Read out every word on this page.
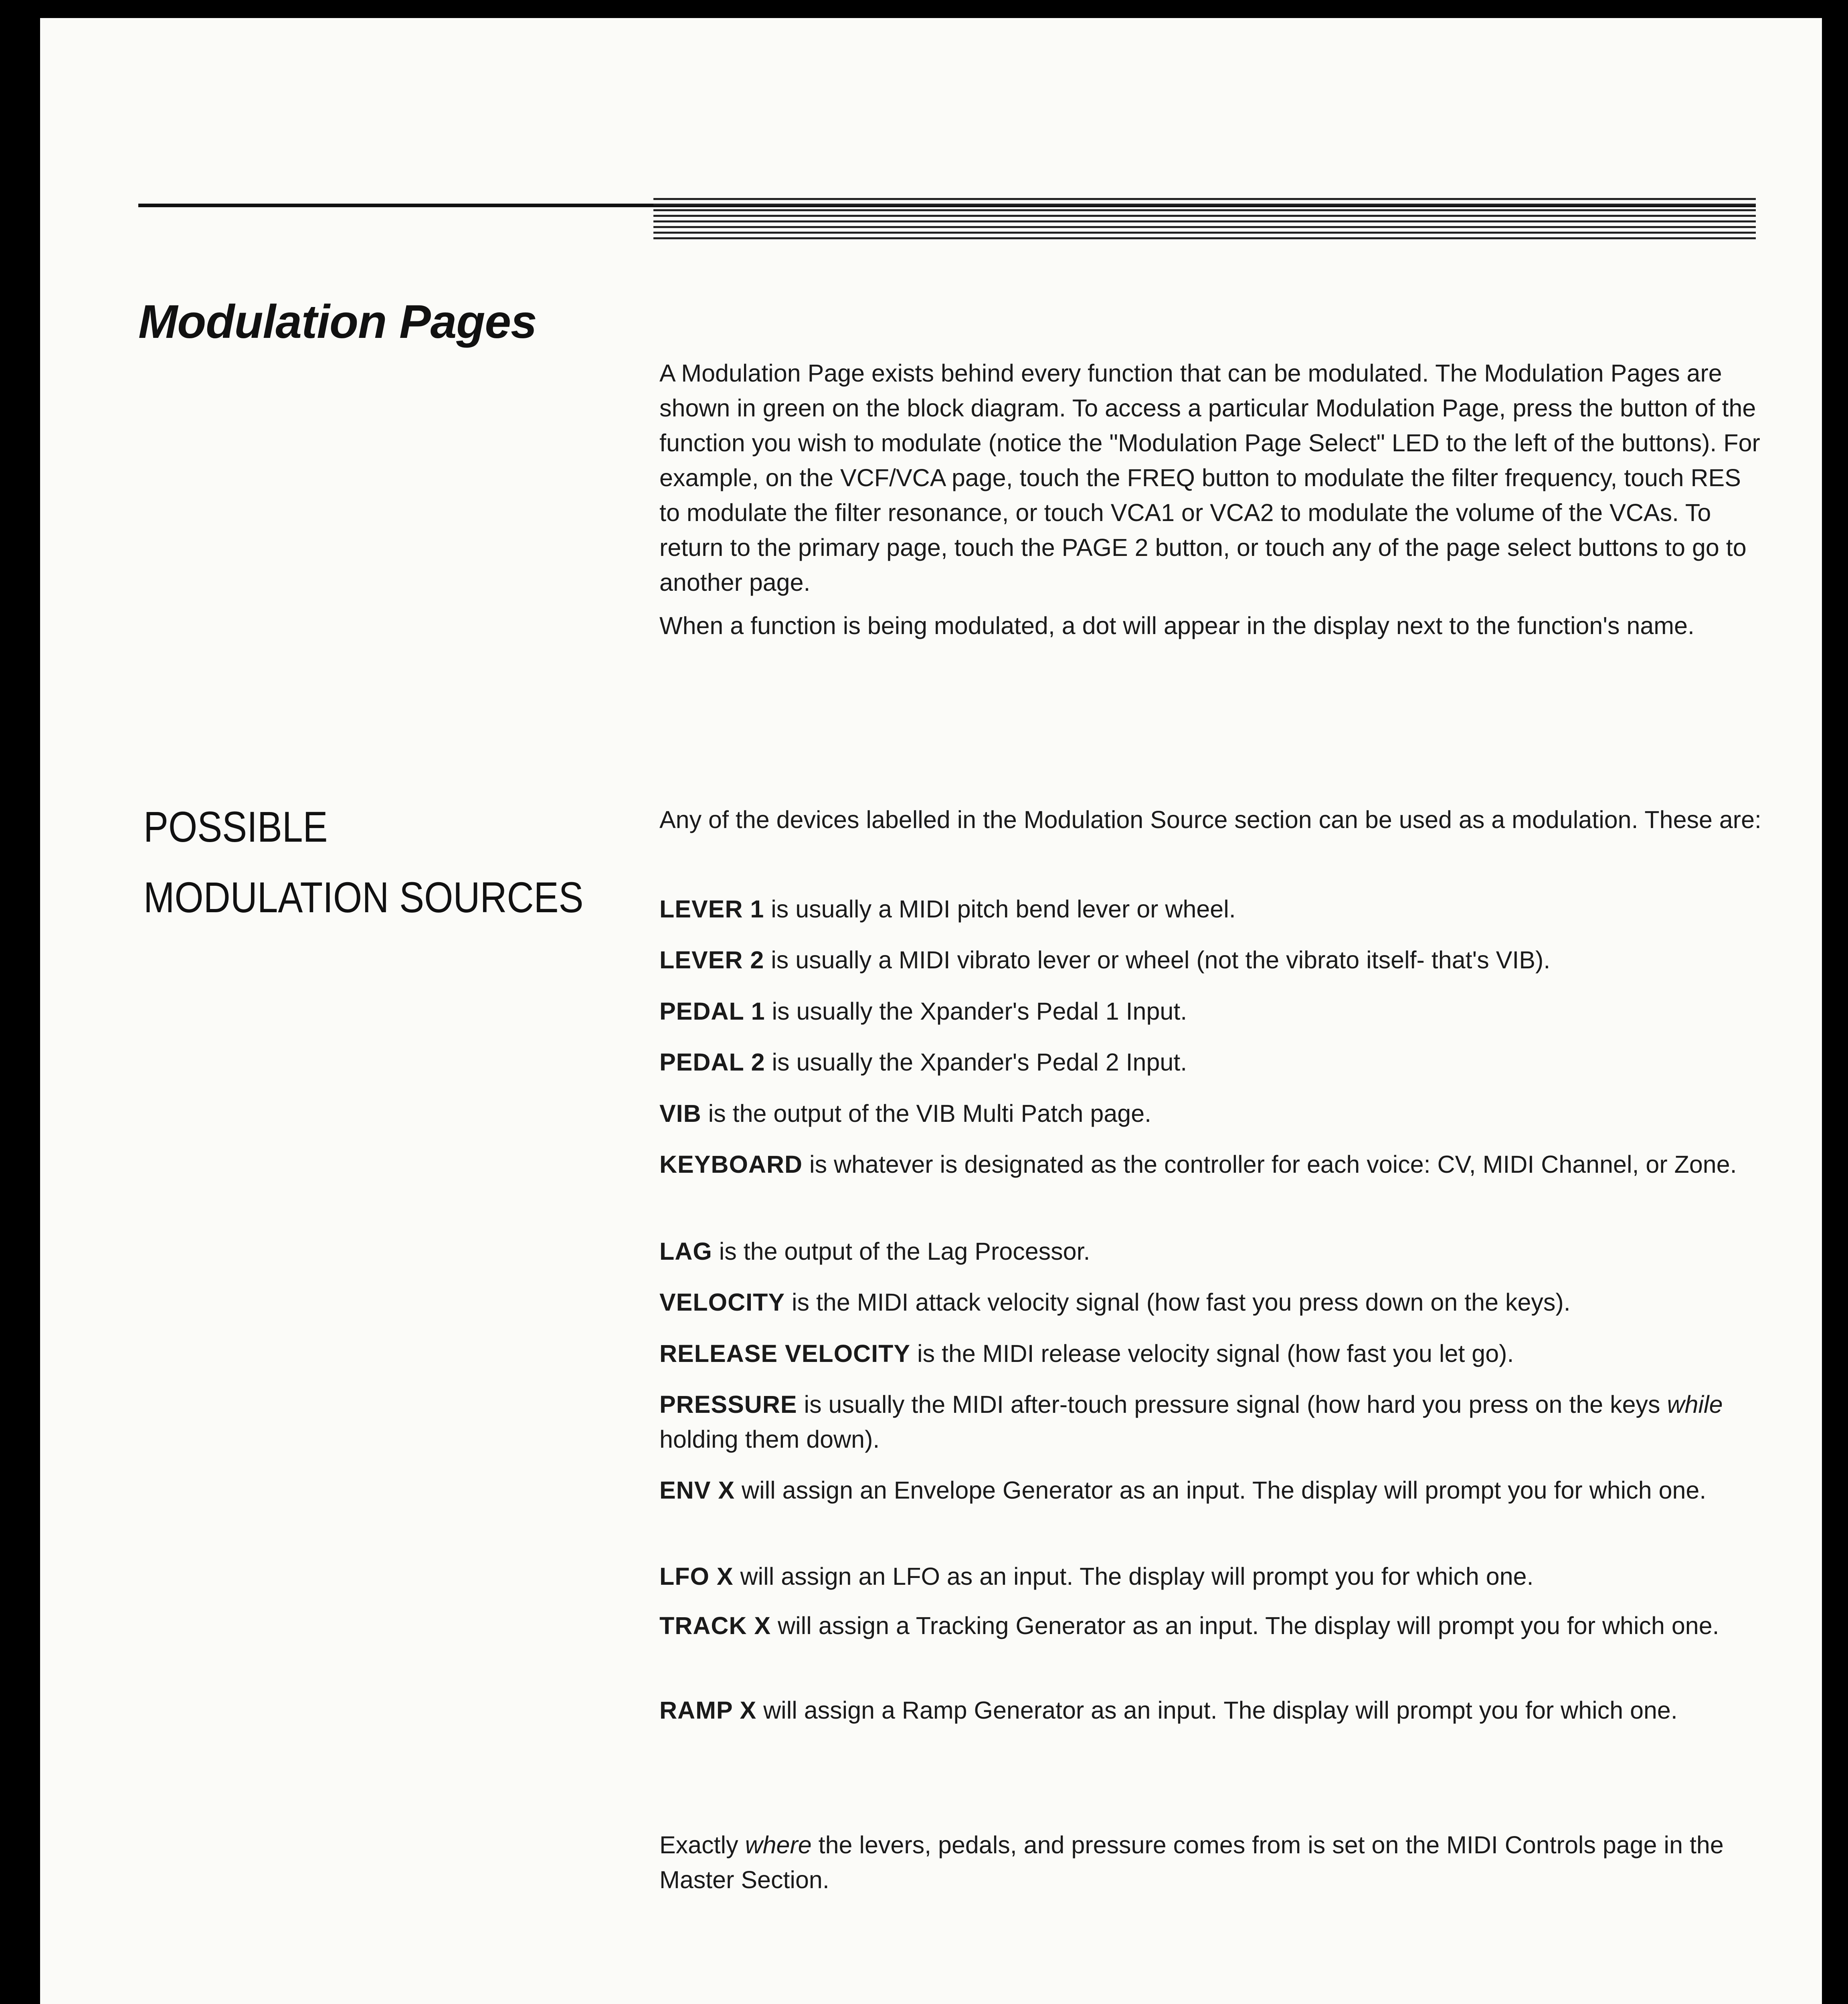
Modulation Pages

A Modulation Page exists behind every function that can be modulated. The Modulation Pages are shown in green on the block diagram. To access a particular Modulation Page, press the button of the function you wish to modulate (notice the "Modulation Page Select" LED to the left of the buttons). For example, on the VCF/VCA page, touch the FREQ button to modulate the filter frequency, touch RES to modulate the filter resonance, or touch VCA1 or VCA2 to modulate the volume of the VCAs. To return to the primary page, touch the PAGE 2 button, or touch any of the page select buttons to go to another page.

When a function is being modulated, a dot will appear in the display next to the function's name.

POSSIBLE
MODULATION SOURCES

Any of the devices labelled in the Modulation Source section can be used as a modulation. These are:

LEVER 1 is usually a MIDI pitch bend lever or wheel.

LEVER 2 is usually a MIDI vibrato lever or wheel (not the vibrato itself- that's VIB).

PEDAL 1 is usually the Xpander's Pedal 1 Input.

PEDAL 2 is usually the Xpander's Pedal 2 Input.

VIB is the output of the VIB Multi Patch page.

KEYBOARD is whatever is designated as the controller for each voice: CV, MIDI Channel, or Zone.

LAG is the output of the Lag Processor.

VELOCITY is the MIDI attack velocity signal (how fast you press down on the keys).

RELEASE VELOCITY is the MIDI release velocity signal (how fast you let go).

PRESSURE is usually the MIDI after-touch pressure signal (how hard you press on the keys while holding them down).

ENV X will assign an Envelope Generator as an input. The display will prompt you for which one.

LFO X will assign an LFO as an input. The display will prompt you for which one.

TRACK X will assign a Tracking Generator as an input. The display will prompt you for which one.

RAMP X will assign a Ramp Generator as an input. The display will prompt you for which one.

Exactly where the levers, pedals, and pressure comes from is set on the MIDI Controls page in the Master Section.
